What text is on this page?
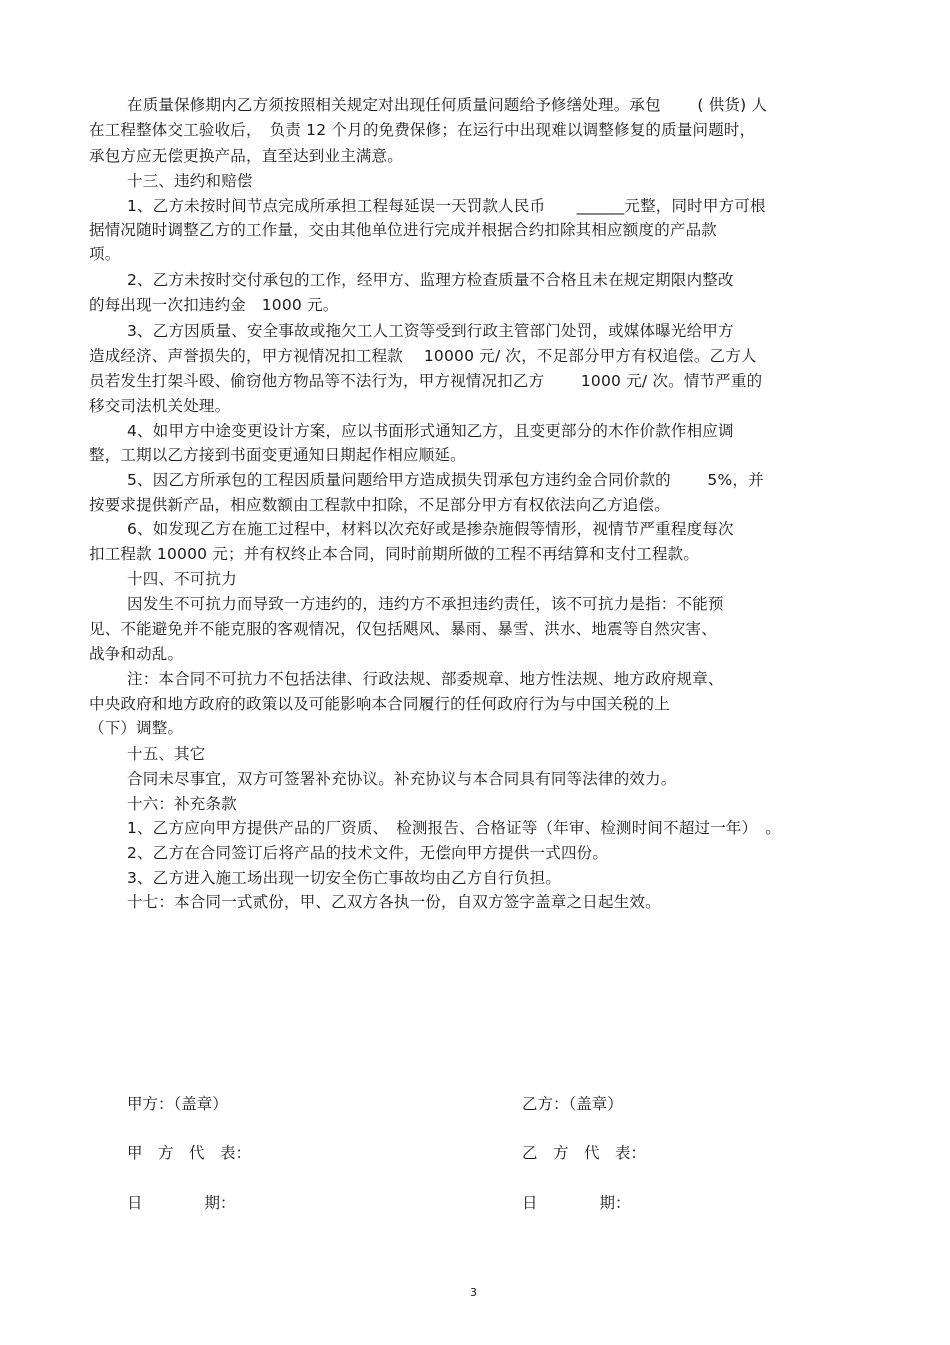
在质量保修期内乙方须按照相关规定对出现任何质量问题给予修缮处理。承包　　 ( 供货) 人
在工程整体交工验收后，　负责 12 个月的免费保修；在运行中出现难以调整修复的质量问题时，
承包方应无偿更换产品，直至达到业主满意。
十三、违约和赔偿
1、乙方未按时间节点完成所承担工程每延误一天罚款人民币　　______元整，同时甲方可根
据情况随时调整乙方的工作量，交由其他单位进行完成并根据合约扣除其相应额度的产品款
项。
2、乙方未按时交付承包的工作，经甲方、监理方检查质量不合格且未在规定期限内整改
的每出现一次扣违约金　1000 元。
3、乙方因质量、安全事故或拖欠工人工资等受到行政主管部门处罚，或媒体曝光给甲方
造成经济、声誉损失的，甲方视情况扣工程款　 10000 元/ 次，不足部分甲方有权追偿。乙方人
员若发生打架斗殴、偷窃他方物品等不法行为，甲方视情况扣乙方　　 1000 元/ 次。情节严重的
移交司法机关处理。
4、如甲方中途变更设计方案，应以书面形式通知乙方，且变更部分的木作价款作相应调
整，工期以乙方接到书面变更通知日期起作相应顺延。
5、因乙方所承包的工程因质量问题给甲方造成损失罚承包方违约金合同价款的　　 5%，并
按要求提供新产品，相应数额由工程款中扣除，不足部分甲方有权依法向乙方追偿。
6、如发现乙方在施工过程中，材料以次充好或是掺杂施假等情形，视情节严重程度每次
扣工程款 10000 元；并有权终止本合同，同时前期所做的工程不再结算和支付工程款。
十四、不可抗力
因发生不可抗力而导致一方违约的，违约方不承担违约责任，该不可抗力是指：不能预
见、不能避免并不能克服的客观情况，仅包括飓风、暴雨、暴雪、洪水、地震等自然灾害、
战争和动乱。
注：本合同不可抗力不包括法律、行政法规、部委规章、地方性法规、地方政府规章、
中央政府和地方政府的政策以及可能影响本合同履行的任何政府行为与中国关税的上
（下）调整。
十五、其它
合同未尽事宜，双方可签署补充协议。补充协议与本合同具有同等法律的效力。
十六：补充条款
1、乙方应向甲方提供产品的厂资质、　检测报告、合格证等（年审、检测时间不超过一年）　。
2、乙方在合同签订后将产品的技术文件，无偿向甲方提供一式四份。
3、乙方进入施工场出现一切安全伤亡事故均由乙方自行负担。
十七：本合同一式贰份，甲、乙双方各执一份，自双方签字盖章之日起生效。
甲方：（盖章）	乙方：（盖章）
甲　方　代　表：	乙　方　代　表：
日　　　　期：	日　　　　期：
3
